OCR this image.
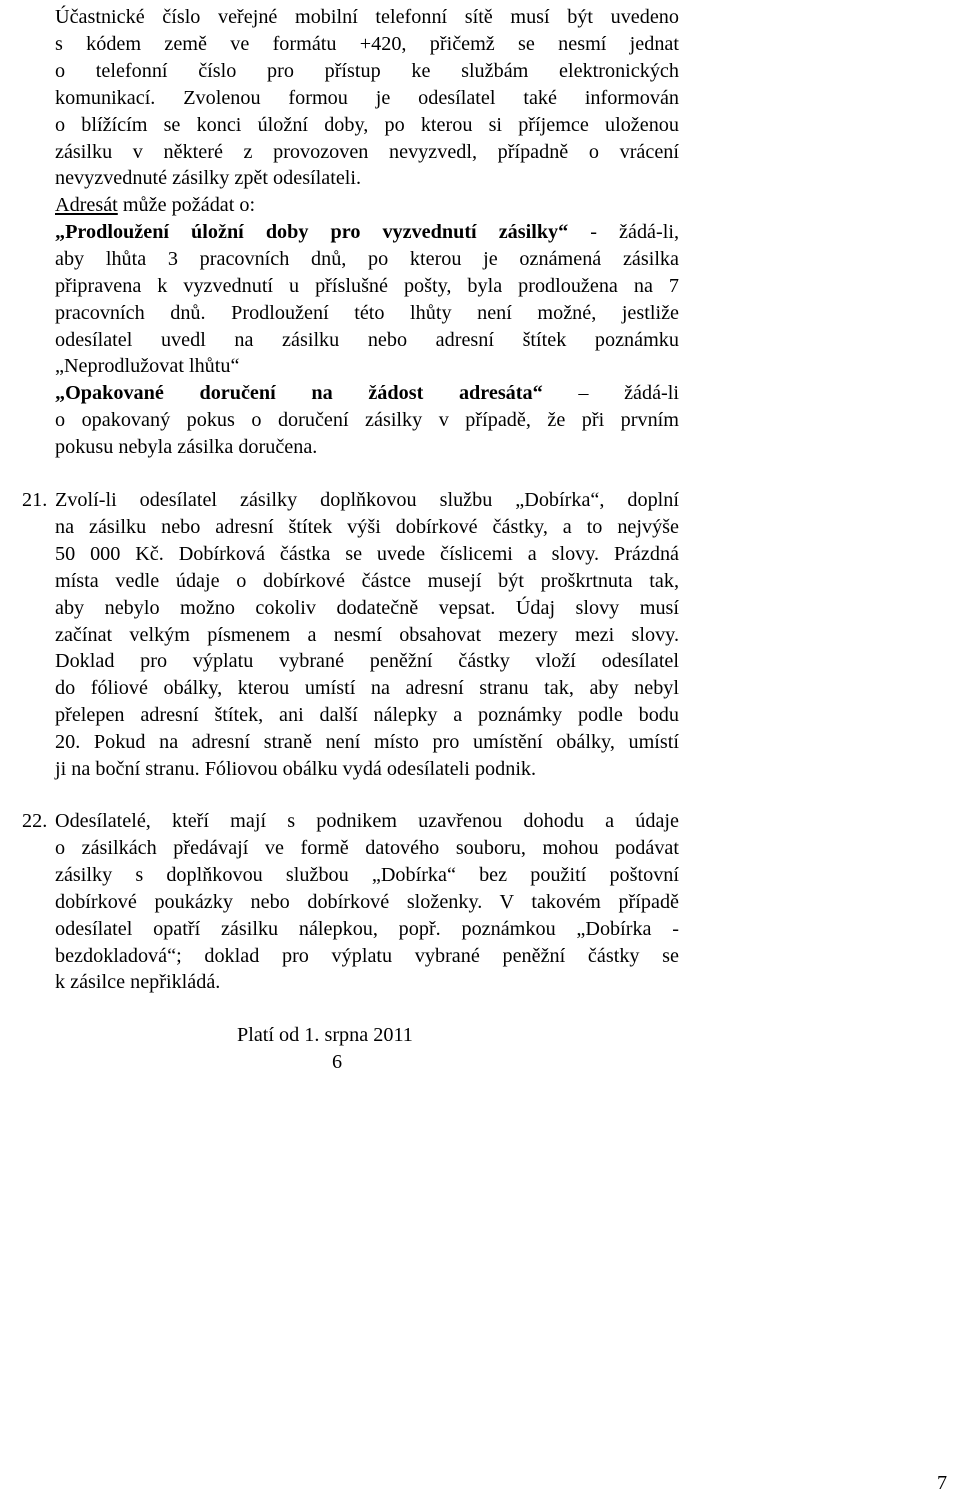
Účastnické číslo veřejné mobilní telefonní sítě musí být uvedeno
s kódem země ve formátu +420, přičemž se nesmí jednat
o telefonní číslo pro přístup ke službám elektronických
komunikací. Zvolenou formou je odesílatel také informován
o blížícím se konci úložní doby, po kterou si příjemce uloženou
zásilku v některé z provozoven nevyzvedl, případně o vrácení
nevyzvednuté zásilky zpět odesílateli.
Adresát může požádat o:
„Prodloužení úložní doby pro vyzvednutí zásilky“ - žádá-li,
aby lhůta 3 pracovních dnů, po kterou je oznámená zásilka
připravena k vyzvednutí u příslušné pošty, byla prodloužena na 7
pracovních dnů. Prodloužení této lhůty není možné, jestliže
odesílatel uvedl na zásilku nebo adresní štítek poznámku
„Neprodlužovat lhůtu“
„Opakované doručení na žádost adresáta“ – žádá-li
o opakovaný pokus o doručení zásilky v případě, že při prvním
pokusu nebyla zásilka doručena.
21. Zvolí-li odesílatel zásilky doplňkovou službu „Dobírka“, doplní
na zásilku nebo adresní štítek výši dobírkové částky, a to nejvýše
50 000 Kč. Dobírková částka se uvede číslicemi a slovy. Prázdná
místa vedle údaje o dobírkové částce musejí být proškrtnuta tak,
aby nebylo možno cokoliv dodatečně vepsat. Údaj slovy musí
začínat velkým písmenem a nesmí obsahovat mezery mezi slovy.
Doklad pro výplatu vybrané peněžní částky vloží odesílatel
do fóliové obálky, kterou umístí na adresní stranu tak, aby nebyl
přelepen adresní štítek, ani další nálepky a poznámky podle bodu
20. Pokud na adresní straně není místo pro umístění obálky, umístí
ji na boční stranu. Fóliovou obálku vydá odesílateli podnik.
22. Odesílatelé, kteří mají s podnikem uzavřenou dohodu a údaje
o zásilkách předávají ve formě datového souboru, mohou podávat
zásilky s doplňkovou službou „Dobírka“ bez použití poštovní
dobírkové poukázky nebo dobírkové složenky. V takovém případě
odesílatel opatří zásilku nálepkou, popř. poznámkou „Dobírka -
bezdokladová“; doklad pro výplatu vybrané peněžní částky se
k zásilce nepřikládá.
Platí od 1. srpna 2011
6
7
